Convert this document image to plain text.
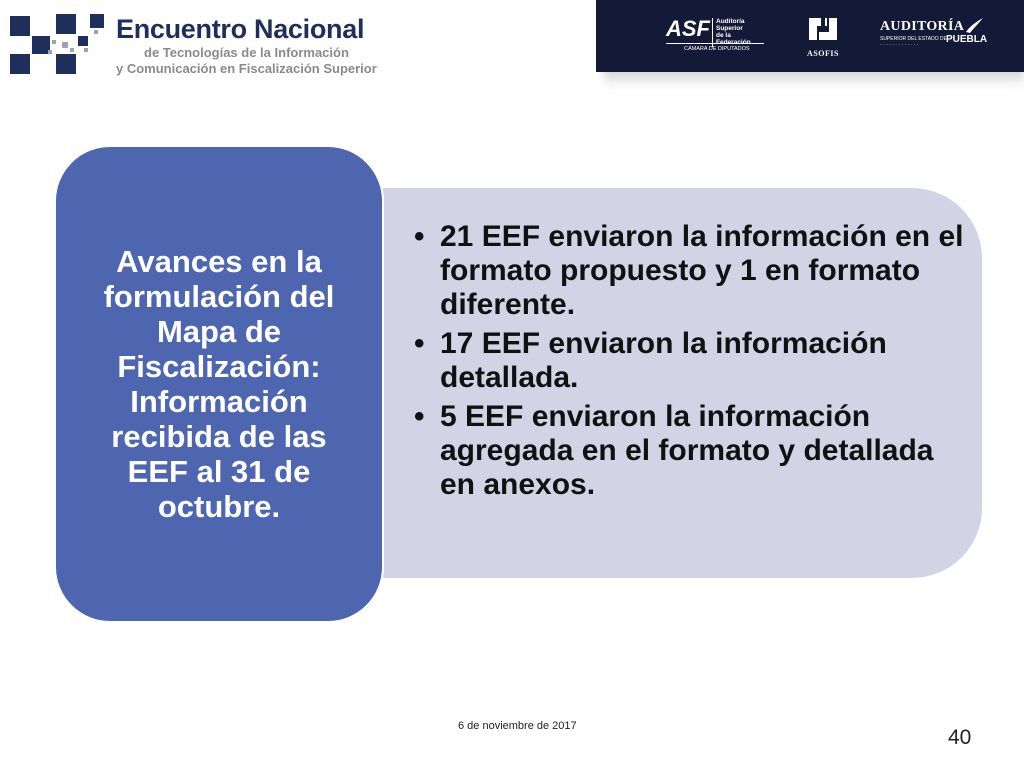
Encuentro Nacional
de Tecnologías de la Información
y Comunicación en Fiscalización Superior
ASF Auditoría
Superior
de la Federación
CÁMARA DE DIPUTADOS	ASOFIS
AUDITORÍA
SUPERIOR DEL ESTADO DE
· · · · · · · · · · · · ·	PUEBLA

Avances en la formulación del Mapa de Fiscalización: Información recibida de las EEF al 31 de octubre.

• 21 EEF enviaron la información en el formato propuesto y 1 en formato diferente.
• 17 EEF enviaron la información detallada.
• 5 EEF enviaron la información agregada en el formato y detallada en anexos.
6 de noviembre de 2017	40
